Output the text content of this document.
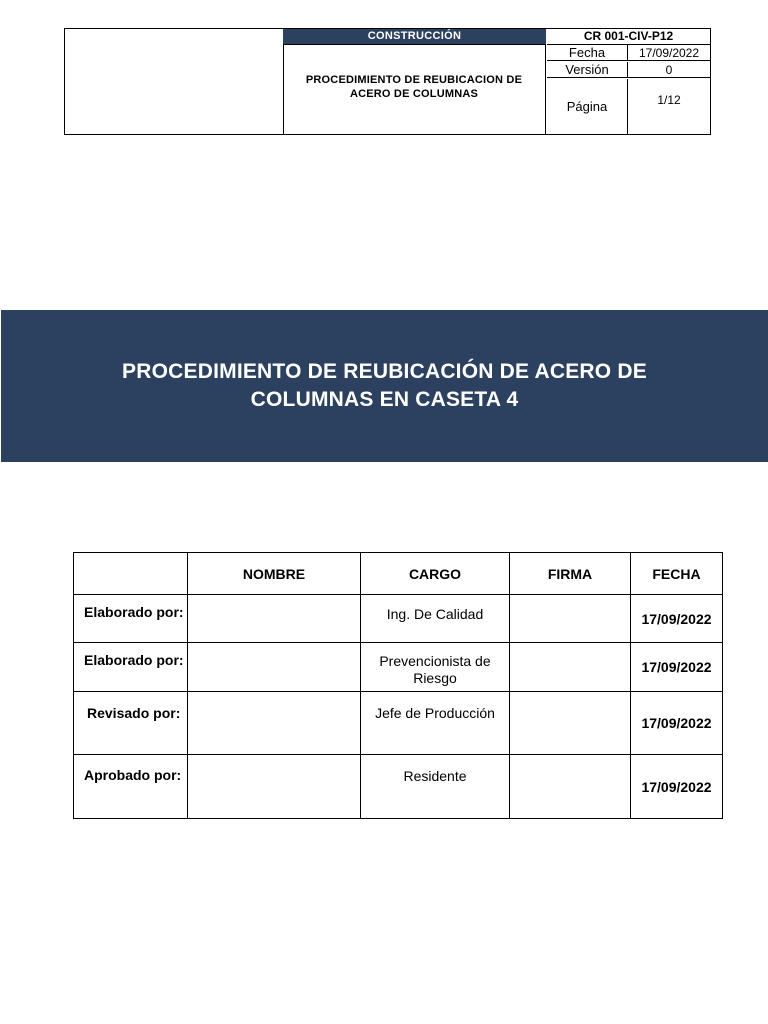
CONSTRUCCIÓN
PROCEDIMIENTO DE REUBICACION DE ACERO DE COLUMNAS
CR 001-CIV-P12
Fecha	17/09/2022
Versión	0
Página	1/12
PROCEDIMIENTO DE REUBICACIÓN DE ACERO DE COLUMNAS EN CASETA 4
	NOMBRE	CARGO	FIRMA	FECHA
Elaborado por:		Ing. De Calidad		17/09/2022
Elaborado por:		Prevencionista de Riesgo		17/09/2022
Revisado por:		Jefe de Producción		17/09/2022
Aprobado por:		Residente		17/09/2022
